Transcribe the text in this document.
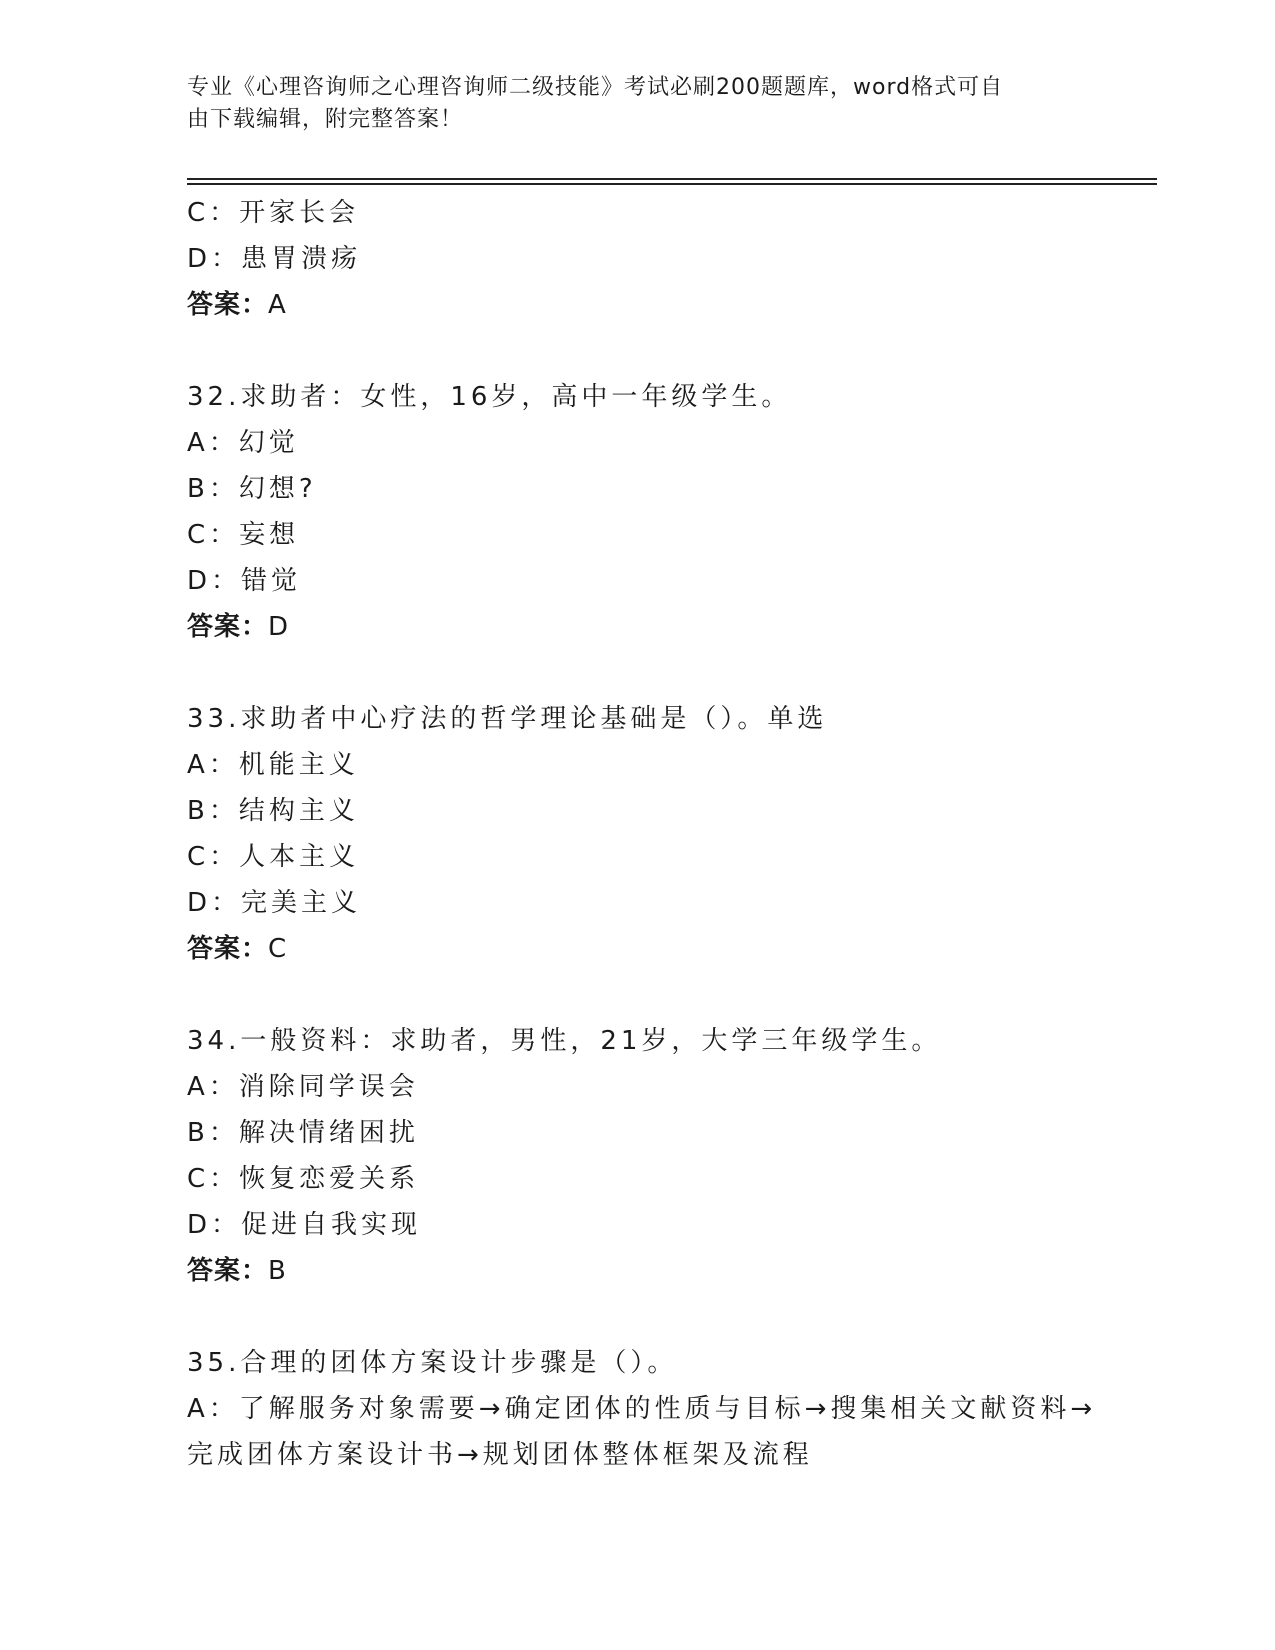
专业《心理咨询师之心理咨询师二级技能》考试必刷200题题库，word格式可自
由下载编辑，附完整答案！
C：开家长会
D：患胃溃疡
答案：A
32.求助者：女性，16岁，高中一年级学生。
A：幻觉
B：幻想?
C：妄想
D：错觉
答案：D
33.求助者中心疗法的哲学理论基础是（）。单选
A：机能主义
B：结构主义
C：人本主义
D：完美主义
答案：C
34.一般资料：求助者，男性，21岁，大学三年级学生。
A：消除同学误会
B：解决情绪困扰
C：恢复恋爱关系
D：促进自我实现
答案：B
35.合理的团体方案设计步骤是（）。
A：了解服务对象需要→确定团体的性质与目标→搜集相关文献资料→
完成团体方案设计书→规划团体整体框架及流程
